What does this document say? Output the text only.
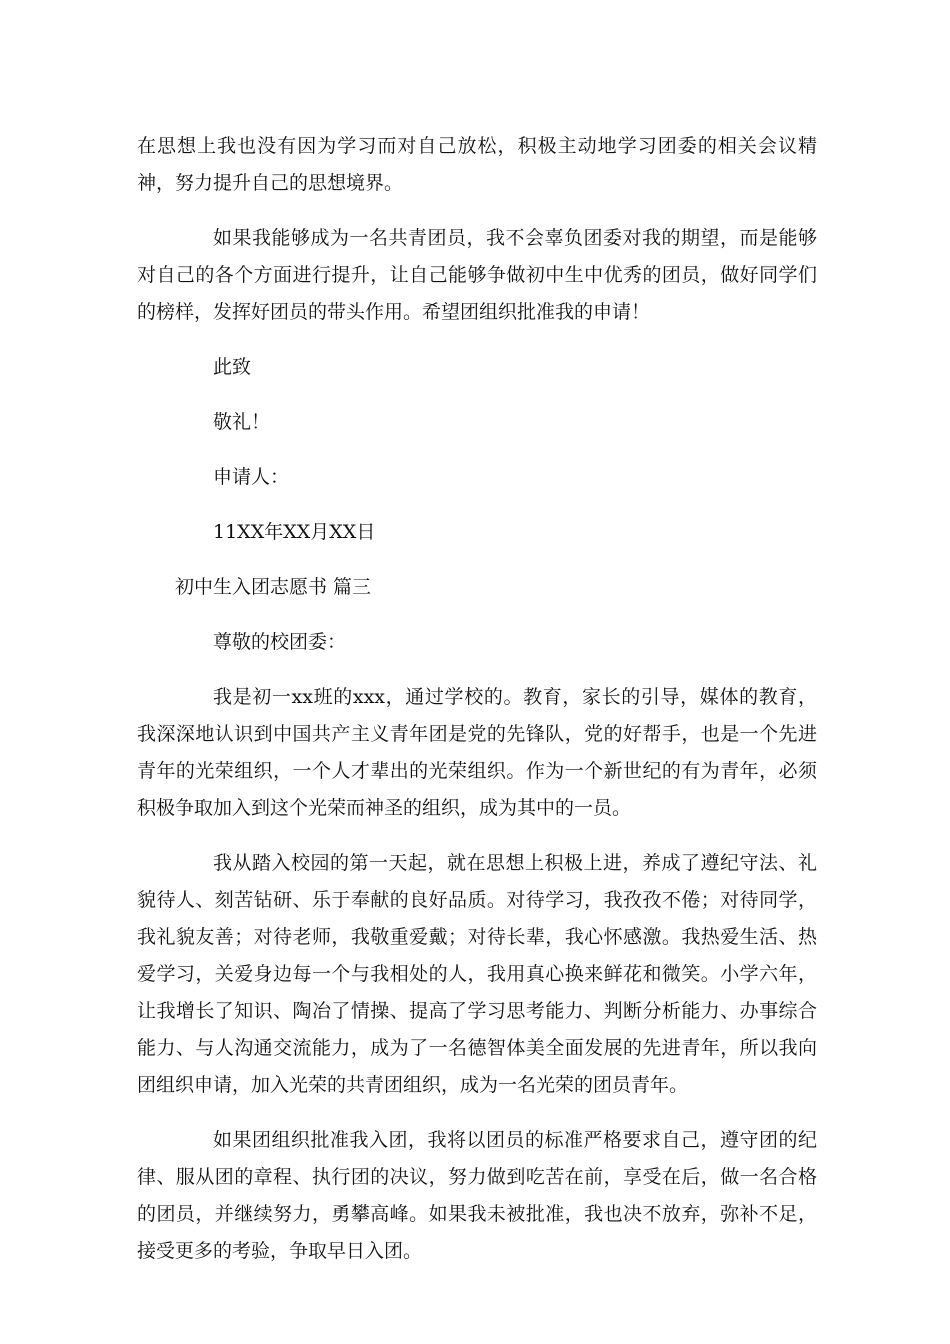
在思想上我也没有因为学习而对自己放松，积极主动地学习团委的相关会议精神，努力提升自己的思想境界。

如果我能够成为一名共青团员，我不会辜负团委对我的期望，而是能够对自己的各个方面进行提升，让自己能够争做初中生中优秀的团员，做好同学们的榜样，发挥好团员的带头作用。希望团组织批准我的申请！

此致

敬礼！

申请人：

11XX年XX月XX日

初中生入团志愿书 篇三

尊敬的校团委：

我是初一xx班的xxx，通过学校的。教育，家长的引导，媒体的教育，我深深地认识到中国共产主义青年团是党的先锋队，党的好帮手，也是一个先进青年的光荣组织，一个人才辈出的光荣组织。作为一个新世纪的有为青年，必须积极争取加入到这个光荣而神圣的组织，成为其中的一员。

我从踏入校园的第一天起，就在思想上积极上进，养成了遵纪守法、礼貌待人、刻苦钻研、乐于奉献的良好品质。对待学习，我孜孜不倦；对待同学，我礼貌友善；对待老师，我敬重爱戴；对待长辈，我心怀感激。我热爱生活、热爱学习，关爱身边每一个与我相处的人，我用真心换来鲜花和微笑。小学六年，让我增长了知识、陶冶了情操、提高了学习思考能力、判断分析能力、办事综合能力、与人沟通交流能力，成为了一名德智体美全面发展的先进青年，所以我向团组织申请，加入光荣的共青团组织，成为一名光荣的团员青年。

如果团组织批准我入团，我将以团员的标准严格要求自己，遵守团的纪律、服从团的章程、执行团的决议，努力做到吃苦在前，享受在后，做一名合格的团员，并继续努力，勇攀高峰。如果我未被批准，我也决不放弃，弥补不足，接受更多的考验，争取早日入团。
